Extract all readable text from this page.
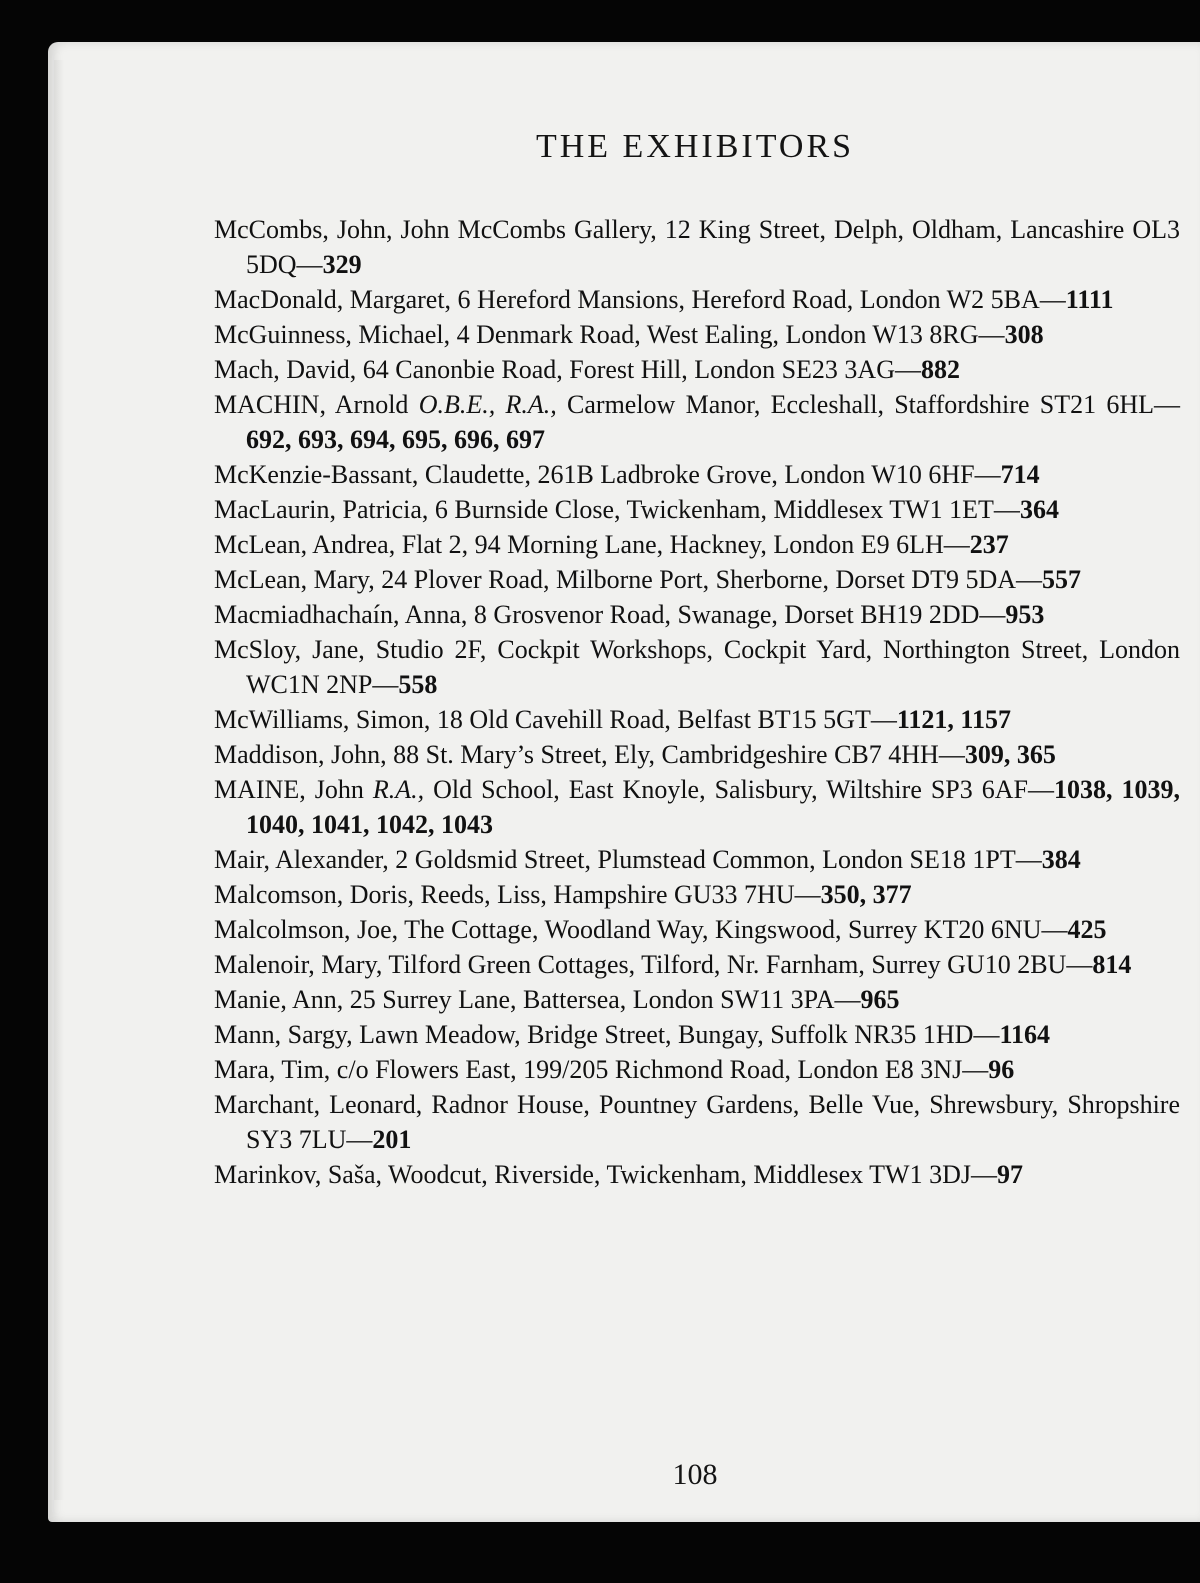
THE EXHIBITORS
McCombs, John, John McCombs Gallery, 12 King Street, Delph, Oldham, Lancashire OL3 5DQ—329
MacDonald, Margaret, 6 Hereford Mansions, Hereford Road, London W2 5BA—1111
McGuinness, Michael, 4 Denmark Road, West Ealing, London W13 8RG—308
Mach, David, 64 Canonbie Road, Forest Hill, London SE23 3AG—882
MACHIN, Arnold O.B.E., R.A., Carmelow Manor, Eccleshall, Staffordshire ST21 6HL—692, 693, 694, 695, 696, 697
McKenzie-Bassant, Claudette, 261B Ladbroke Grove, London W10 6HF—714
MacLaurin, Patricia, 6 Burnside Close, Twickenham, Middlesex TW1 1ET—364
McLean, Andrea, Flat 2, 94 Morning Lane, Hackney, London E9 6LH—237
McLean, Mary, 24 Plover Road, Milborne Port, Sherborne, Dorset DT9 5DA—557
Macmiadhachaín, Anna, 8 Grosvenor Road, Swanage, Dorset BH19 2DD—953
McSloy, Jane, Studio 2F, Cockpit Workshops, Cockpit Yard, Northington Street, London WC1N 2NP—558
McWilliams, Simon, 18 Old Cavehill Road, Belfast BT15 5GT—1121, 1157
Maddison, John, 88 St. Mary’s Street, Ely, Cambridgeshire CB7 4HH—309, 365
MAINE, John R.A., Old School, East Knoyle, Salisbury, Wiltshire SP3 6AF—1038, 1039, 1040, 1041, 1042, 1043
Mair, Alexander, 2 Goldsmid Street, Plumstead Common, London SE18 1PT—384
Malcomson, Doris, Reeds, Liss, Hampshire GU33 7HU—350, 377
Malcolmson, Joe, The Cottage, Woodland Way, Kingswood, Surrey KT20 6NU—425
Malenoir, Mary, Tilford Green Cottages, Tilford, Nr. Farnham, Surrey GU10 2BU—814
Manie, Ann, 25 Surrey Lane, Battersea, London SW11 3PA—965
Mann, Sargy, Lawn Meadow, Bridge Street, Bungay, Suffolk NR35 1HD—1164
Mara, Tim, c/o Flowers East, 199/205 Richmond Road, London E8 3NJ—96
Marchant, Leonard, Radnor House, Pountney Gardens, Belle Vue, Shrewsbury, Shropshire SY3 7LU—201
Marinkov, Saša, Woodcut, Riverside, Twickenham, Middlesex TW1 3DJ—97
108
